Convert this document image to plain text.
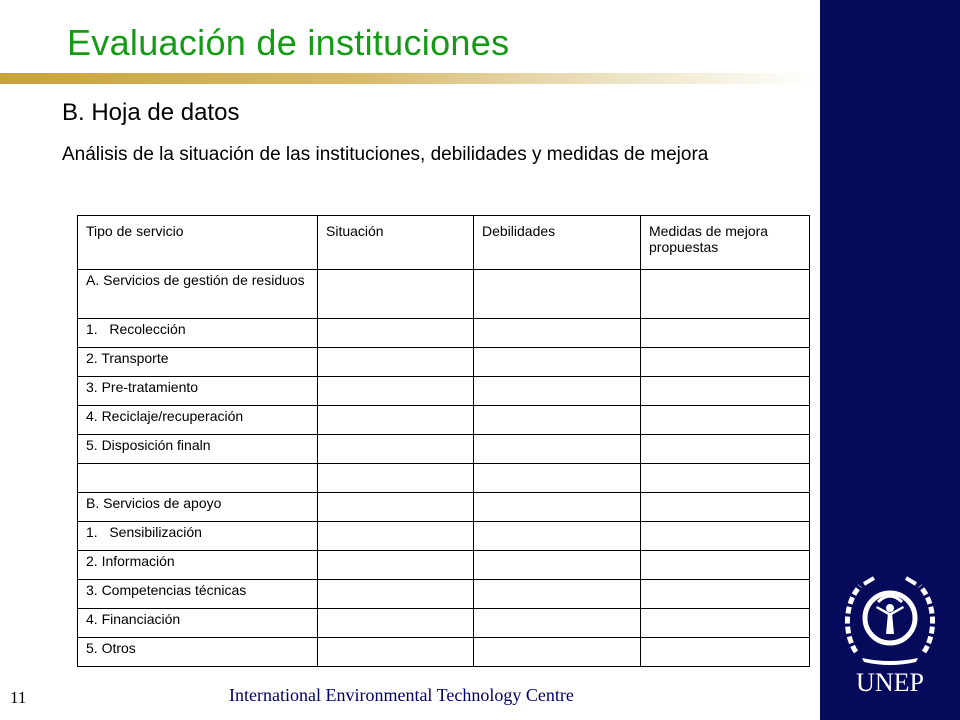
UNEP
Evaluación de instituciones
B. Hoja de datos

Análisis de la situación de las instituciones, debilidades y medidas de mejora

Tipo de servicio	Situación	Debilidades	Medidas de mejora propuestas
A. Servicios de gestión de residuos			
1.   Recolección			
2. Transporte			
3. Pre-tratamiento			
4. Reciclaje/recuperación			
5. Disposición finaln			

B. Servicios de apoyo			
1.   Sensibilización			
2. Información			
3. Competencias técnicas			
4. Financiación			
5. Otros			
11	International Environmental Technology Centre
